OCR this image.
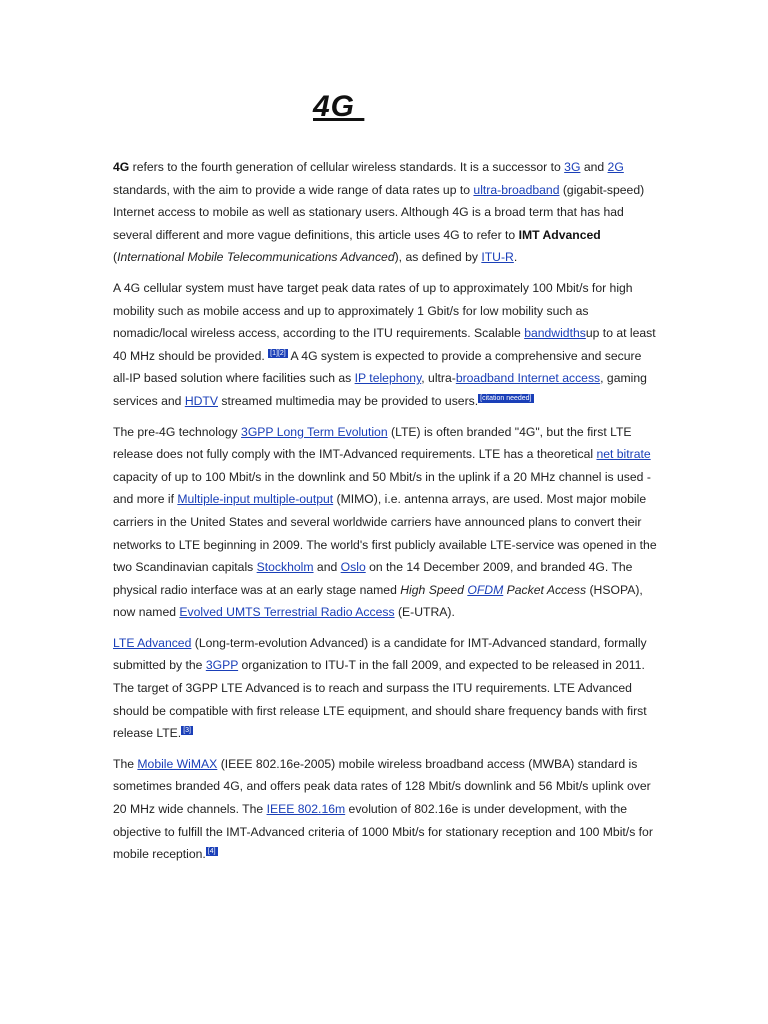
4G

4G refers to the fourth generation of cellular wireless standards. It is a successor to 3G and 2G standards, with the aim to provide a wide range of data rates up to ultra-broadband (gigabit-speed) Internet access to mobile as well as stationary users. Although 4G is a broad term that has had several different and more vague definitions, this article uses 4G to refer to IMT Advanced (International Mobile Telecommunications Advanced), as defined by ITU-R.

A 4G cellular system must have target peak data rates of up to approximately 100 Mbit/s for high mobility such as mobile access and up to approximately 1 Gbit/s for low mobility such as nomadic/local wireless access, according to the ITU requirements. Scalable bandwidthsup to at least 40 MHz should be provided. [1][2] A 4G system is expected to provide a comprehensive and secure all-IP based solution where facilities such as IP telephony, ultra-broadband Internet access, gaming services and HDTV streamed multimedia may be provided to users. [citation needed]

The pre-4G technology 3GPP Long Term Evolution (LTE) is often branded "4G", but the first LTE release does not fully comply with the IMT-Advanced requirements. LTE has a theoretical net bitrate capacity of up to 100 Mbit/s in the downlink and 50 Mbit/s in the uplink if a 20 MHz channel is used - and more if Multiple-input multiple-output (MIMO), i.e. antenna arrays, are used. Most major mobile carriers in the United States and several worldwide carriers have announced plans to convert their networks to LTE beginning in 2009. The world's first publicly available LTE-service was opened in the two Scandinavian capitals Stockholm and Oslo on the 14 December 2009, and branded 4G. The physical radio interface was at an early stage named High Speed OFDM Packet Access (HSOPA), now named Evolved UMTS Terrestrial Radio Access (E-UTRA).

LTE Advanced (Long-term-evolution Advanced) is a candidate for IMT-Advanced standard, formally submitted by the 3GPP organization to ITU-T in the fall 2009, and expected to be released in 2011. The target of 3GPP LTE Advanced is to reach and surpass the ITU requirements. LTE Advanced should be compatible with first release LTE equipment, and should share frequency bands with first release LTE. [3]

The Mobile WiMAX (IEEE 802.16e-2005) mobile wireless broadband access (MWBA) standard is sometimes branded 4G, and offers peak data rates of 128 Mbit/s downlink and 56 Mbit/s uplink over 20 MHz wide channels. The IEEE 802.16m evolution of 802.16e is under development, with the objective to fulfill the IMT-Advanced criteria of 1000 Mbit/s for stationary reception and 100 Mbit/s for mobile reception. [4]
